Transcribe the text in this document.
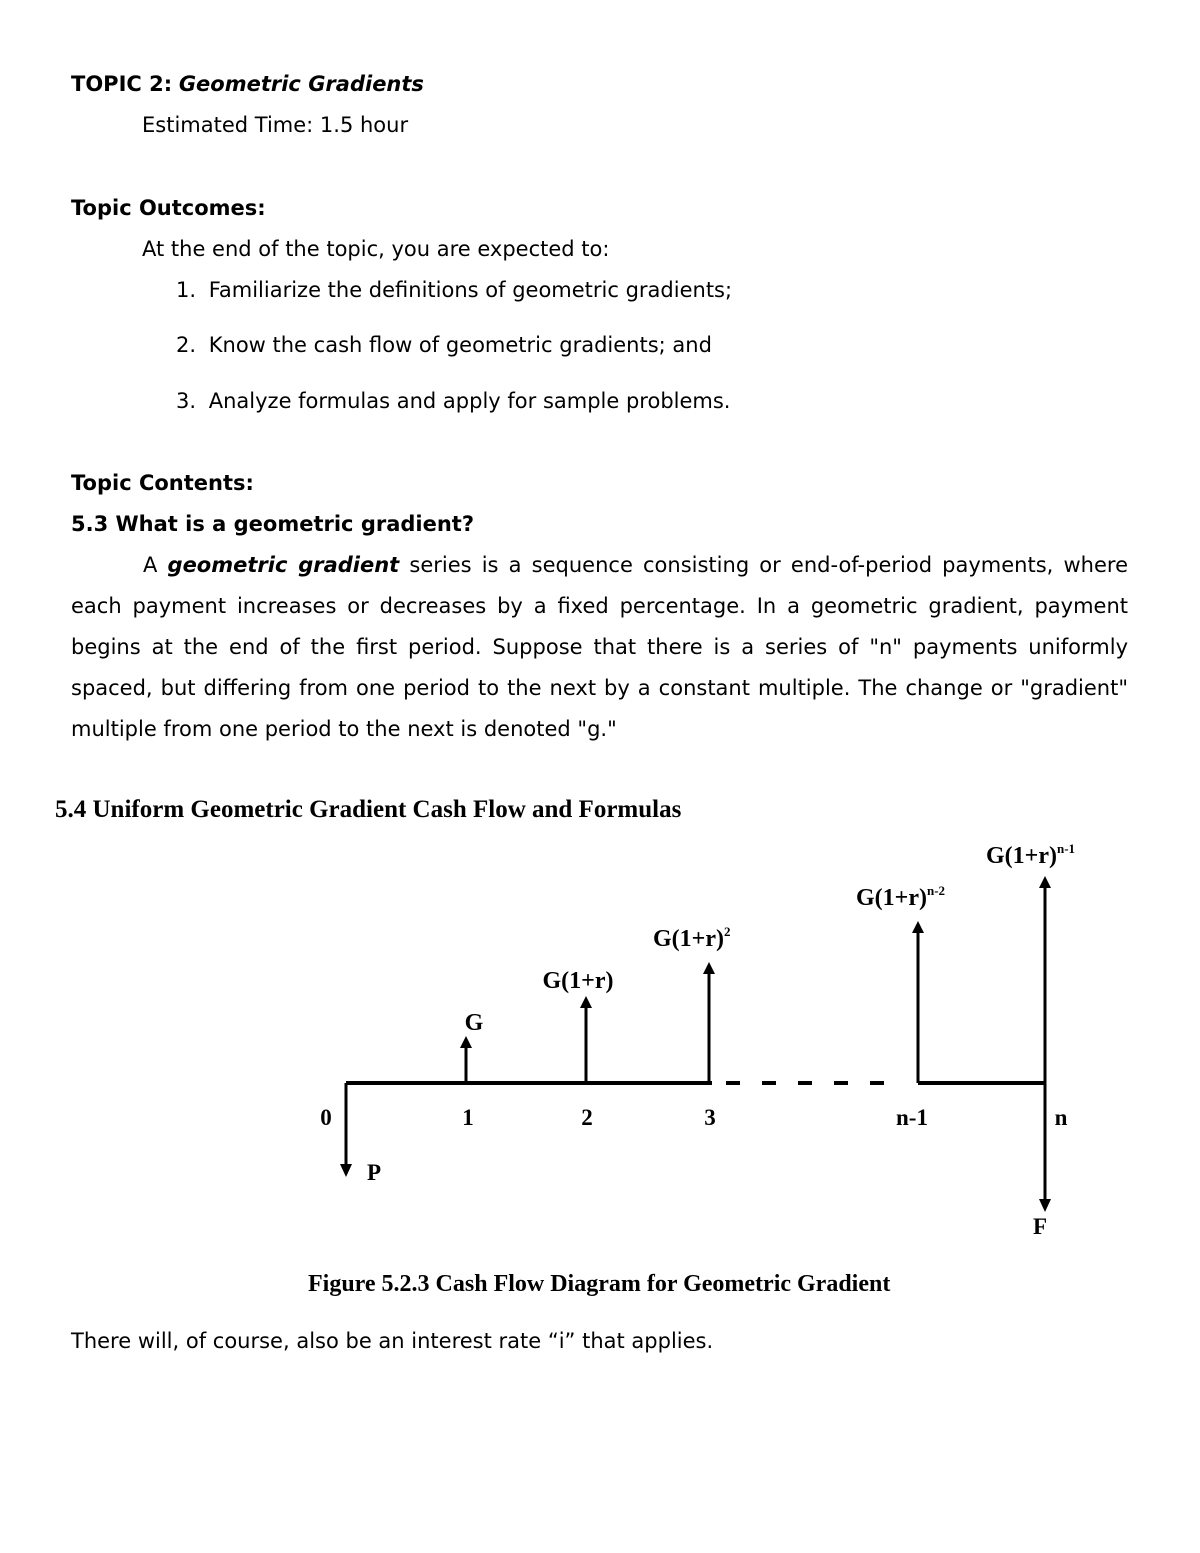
TOPIC 2: Geometric Gradients
Estimated Time: 1.5 hour
Topic Outcomes:
At the end of the topic, you are expected to:
1. Familiarize the definitions of geometric gradients;
2. Know the cash flow of geometric gradients; and
3. Analyze formulas and apply for sample problems.
Topic Contents:
5.3 What is a geometric gradient?
A geometric gradient series is a sequence consisting or end-of-period payments, where each payment increases or decreases by a fixed percentage. In a geometric gradient, payment begins at the end of the first period. Suppose that there is a series of "n" payments uniformly spaced, but differing from one period to the next by a constant multiple. The change or "gradient" multiple from one period to the next is denoted "g."
5.4 Uniform Geometric Gradient Cash Flow and Formulas
0	1	2	3	n-1	n
G
G(1+r)
$G(1+r)^2$
$G(1+r)^{n-2}$
$G(1+r)^{n-1}$
P
F
Figure 5.2.3 Cash Flow Diagram for Geometric Gradient
There will, of course, also be an interest rate “i” that applies.
